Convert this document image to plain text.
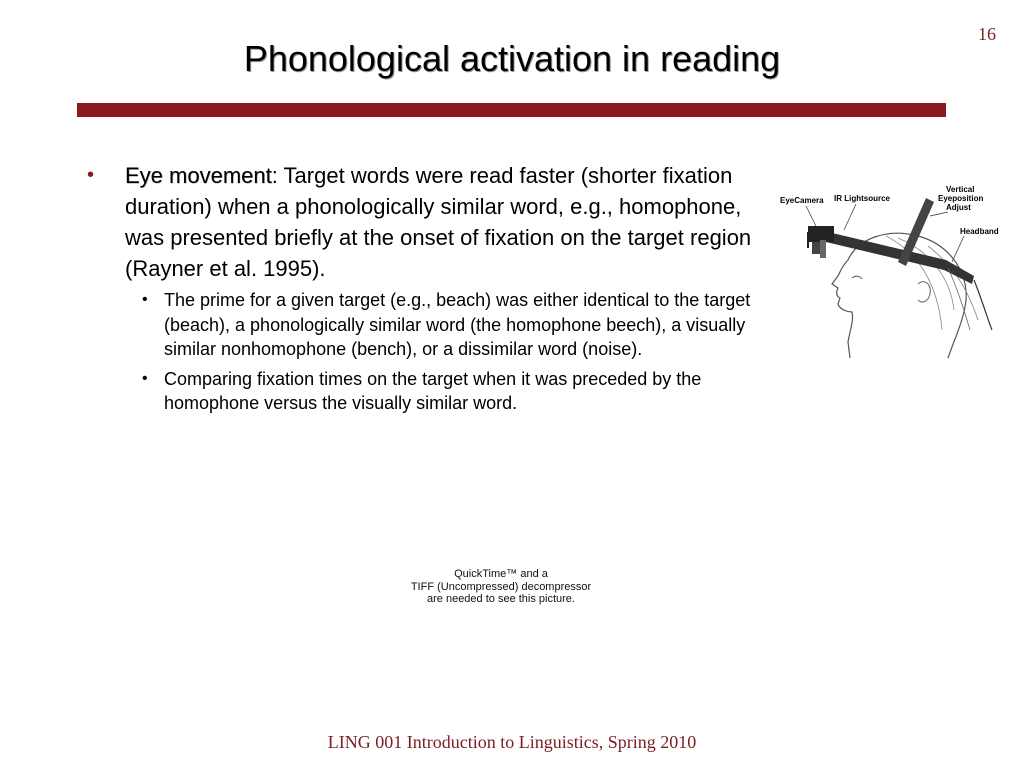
16
Phonological activation in reading
• Eye movement: Target words were read faster (shorter fixation duration) when a phonologically similar word, e.g., homophone, was presented briefly at the onset of fixation on the target region (Rayner et al. 1995).
• The prime for a given target (e.g., beach) was either identical to the target (beach), a phonologically similar word (the homophone beech), a visually similar nonhomophone (bench), or a dissimilar word (noise).
• Comparing fixation times on the target when it was preceded by the homophone versus the visually similar word.
EyeCamera IR Lightsource
Vertical
Eyeposition
Adjust
Headband
QuickTime™ and a
TIFF (Uncompressed) decompressor
are needed to see this picture.
LING 001 Introduction to Linguistics, Spring 2010
